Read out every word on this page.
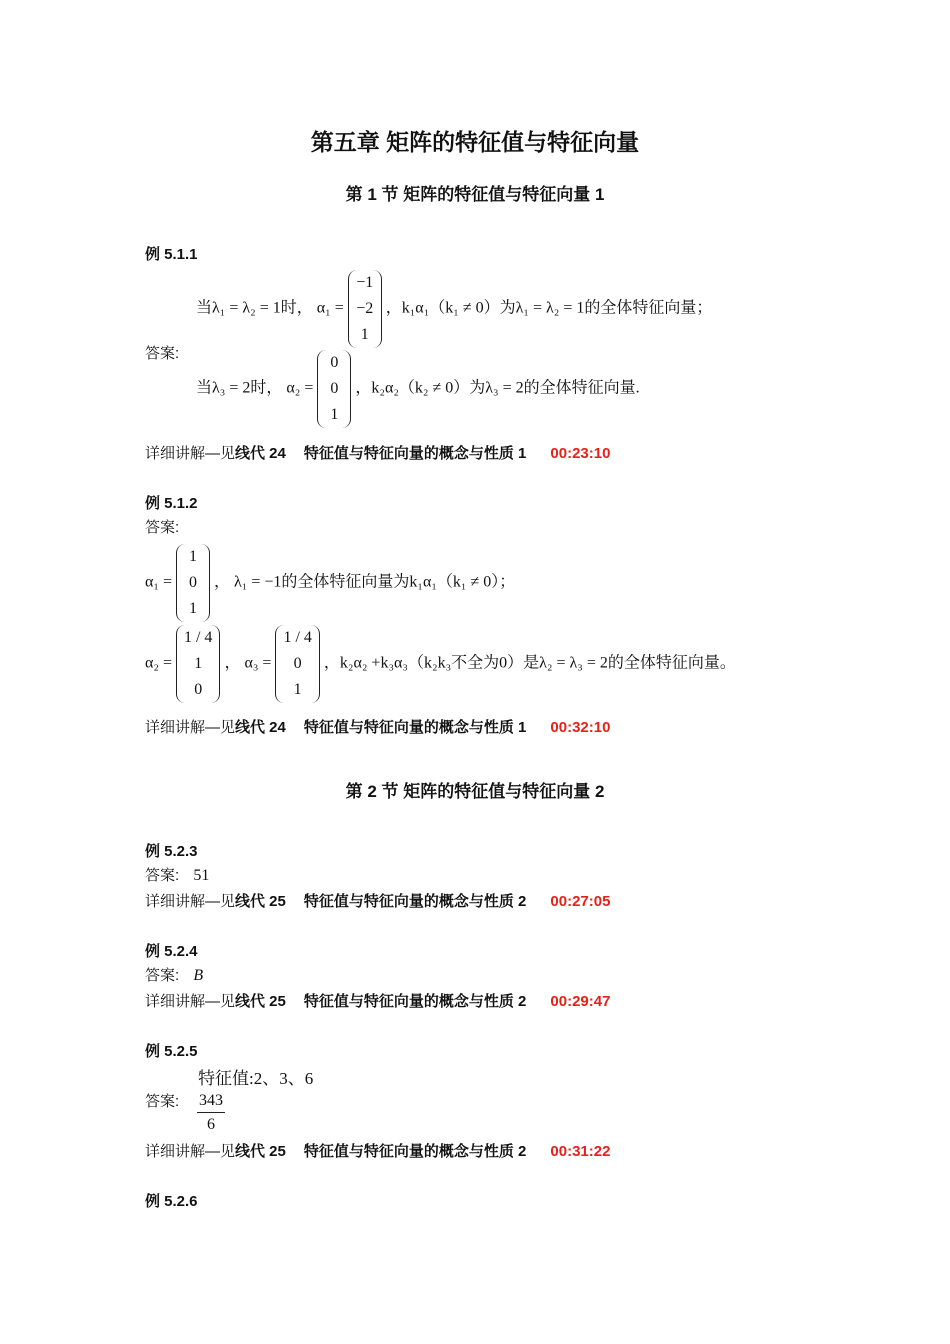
第五章 矩阵的特征值与特征向量
第 1 节 矩阵的特征值与特征向量 1
例 5.1.1
当λ₁ = λ₂ = 1时， α₁ =
−1
−2
1
，k₁α₁（k₁ ≠ 0）为λ₁ = λ₂ = 1的全体特征向量；
答案:
当λ₃ = 2时， α₂ =
0
0
1
，k₂α₂（k₂ ≠ 0）为λ₃ = 2的全体特征向量.
详细讲解—见线代 24 特征值与特征向量的概念与性质 1 00:23:10
例 5.1.2
答案:
α₁ =
1
0
1
， λ₁ = −1的全体特征向量为k₁α₁（k₁ ≠ 0）；
α₂ =
1 / 4
1
0
， α₃ =
1 / 4
0
1
，k₂α₂ +k₃α₃（k₂k₃不全为0）是λ₂ = λ₃ = 2的全体特征向量。
详细讲解—见线代 24 特征值与特征向量的概念与性质 1 00:32:10
第 2 节 矩阵的特征值与特征向量 2
例 5.2.3
答案: 51
详细讲解—见线代 25 特征值与特征向量的概念与性质 2 00:27:05
例 5.2.4
答案: B
详细讲解—见线代 25 特征值与特征向量的概念与性质 2 00:29:47
例 5.2.5
特征值:2、3、6
答案: $\frac{343}{6}$
详细讲解—见线代 25 特征值与特征向量的概念与性质 2 00:31:22
例 5.2.6
